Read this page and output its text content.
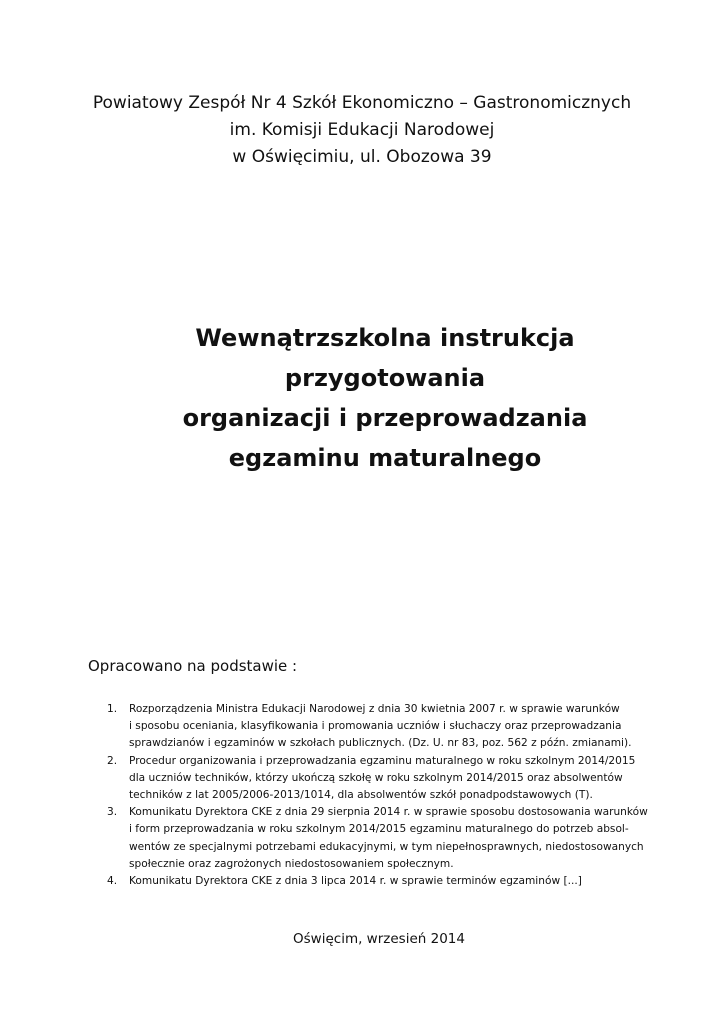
Powiatowy Zespół Nr 4 Szkół Ekonomiczno – Gastronomicznych
im. Komisji Edukacji Narodowej
w Oświęcimiu, ul. Obozowa 39
Wewnątrzszkolna instrukcja
przygotowania
organizacji i przeprowadzania
egzaminu maturalnego
Opracowano na podstawie :
1. Rozporządzenia Ministra Edukacji Narodowej z dnia 30 kwietnia 2007 r. w sprawie warunków
i sposobu oceniania, klasyfikowania i promowania uczniów i słuchaczy oraz przeprowadzania
sprawdzianów i egzaminów w szkołach publicznych. (Dz. U. nr 83, poz. 562 z późn. zmianami).
2. Procedur organizowania i przeprowadzania egzaminu maturalnego w roku szkolnym 2014/2015
dla uczniów techników, którzy ukończą szkołę w roku szkolnym 2014/2015 oraz absolwentów
techników z lat 2005/2006-2013/1014, dla absolwentów szkół ponadpodstawowych (T).
3. Komunikatu Dyrektora CKE z dnia 29 sierpnia 2014 r. w sprawie sposobu dostosowania warunków
i form przeprowadzania w roku szkolnym 2014/2015 egzaminu maturalnego do potrzeb absol-
wentów ze specjalnymi potrzebami edukacyjnymi, w tym niepełnosprawnych, niedostosowanych
społecznie oraz zagrożonych niedostosowaniem społecznym.
4. Komunikatu Dyrektora CKE z dnia 3 lipca 2014 r. w sprawie terminów egzaminów [...]
Oświęcim, wrzesień 2014
